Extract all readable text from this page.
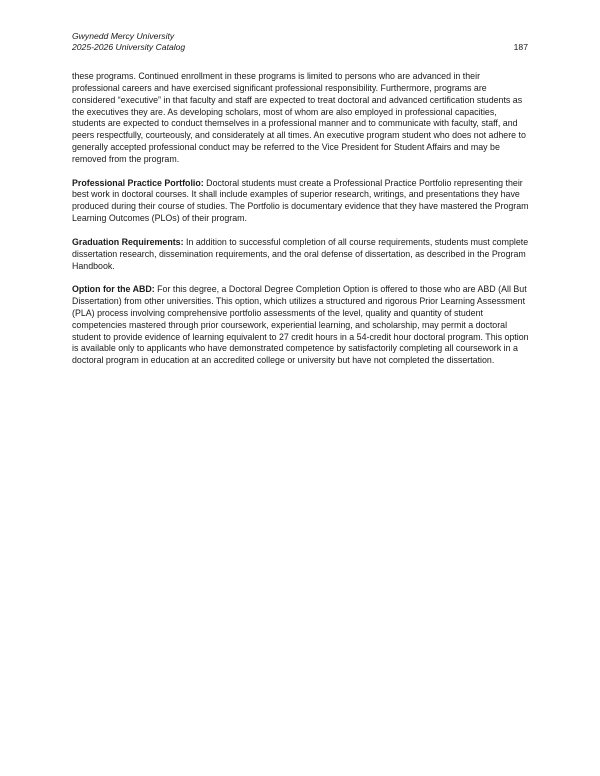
Gwynedd Mercy University
2025-2026 University Catalog	187

these programs. Continued enrollment in these programs is limited to persons who are advanced in their professional careers and have exercised significant professional responsibility. Furthermore, programs are considered “executive” in that faculty and staff are expected to treat doctoral and advanced certification students as the executives they are. As developing scholars, most of whom are also employed in professional capacities, students are expected to conduct themselves in a professional manner and to communicate with faculty, staff, and peers respectfully, courteously, and considerately at all times. An executive program student who does not adhere to generally accepted professional conduct may be referred to the Vice President for Student Affairs and may be removed from the program.

Professional Practice Portfolio: Doctoral students must create a Professional Practice Portfolio representing their best work in doctoral courses. It shall include examples of superior research, writings, and presentations they have produced during their course of studies. The Portfolio is documentary evidence that they have mastered the Program Learning Outcomes (PLOs) of their program.

Graduation Requirements: In addition to successful completion of all course requirements, students must complete dissertation research, dissemination requirements, and the oral defense of dissertation, as described in the Program Handbook.

Option for the ABD: For this degree, a Doctoral Degree Completion Option is offered to those who are ABD (All But Dissertation) from other universities. This option, which utilizes a structured and rigorous Prior Learning Assessment (PLA) process involving comprehensive portfolio assessments of the level, quality and quantity of student competencies mastered through prior coursework, experiential learning, and scholarship, may permit a doctoral student to provide evidence of learning equivalent to 27 credit hours in a 54-credit hour doctoral program. This option is available only to applicants who have demonstrated competence by satisfactorily completing all coursework in a doctoral program in education at an accredited college or university but have not completed the dissertation.
